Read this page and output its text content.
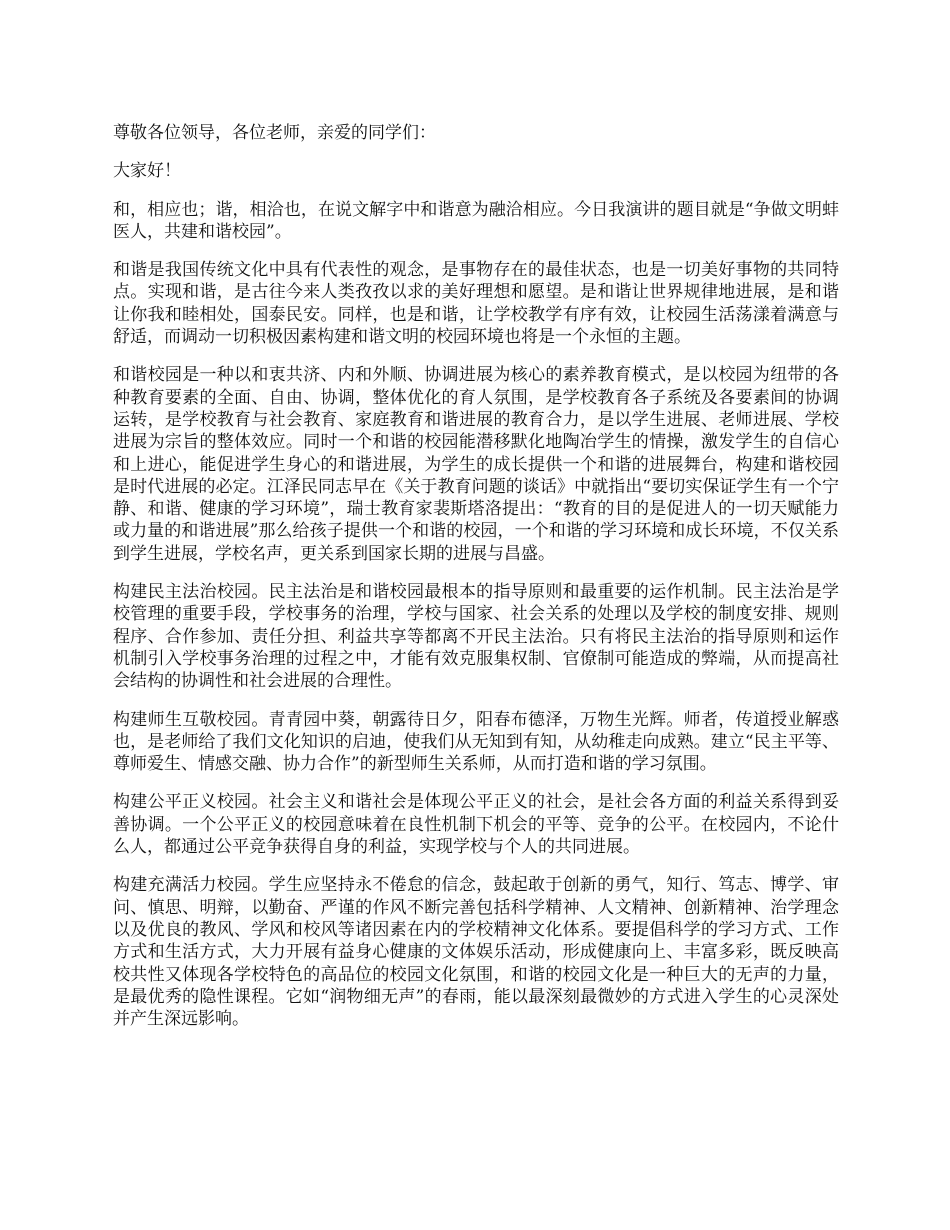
尊敬各位领导，各位老师，亲爱的同学们：

大家好！

和，相应也；谐，相洽也，在说文解字中和谐意为融洽相应。今日我演讲的题目就是“争做文明蚌医人，共建和谐校园”。

和谐是我国传统文化中具有代表性的观念，是事物存在的最佳状态，也是一切美好事物的共同特点。实现和谐，是古往今来人类孜孜以求的美好理想和愿望。是和谐让世界规律地进展，是和谐让你我和睦相处，国泰民安。同样，也是和谐，让学校教学有序有效，让校园生活荡漾着满意与舒适，而调动一切积极因素构建和谐文明的校园环境也将是一个永恒的主题。

和谐校园是一种以和衷共济、内和外顺、协调进展为核心的素养教育模式，是以校园为纽带的各种教育要素的全面、自由、协调，整体优化的育人氛围，是学校教育各子系统及各要素间的协调运转，是学校教育与社会教育、家庭教育和谐进展的教育合力，是以学生进展、老师进展、学校进展为宗旨的整体效应。同时一个和谐的校园能潜移默化地陶冶学生的情操，激发学生的自信心和上进心，能促进学生身心的和谐进展，为学生的成长提供一个和谐的进展舞台，构建和谐校园是时代进展的必定。江泽民同志早在《关于教育问题的谈话》中就指出“要切实保证学生有一个宁静、和谐、健康的学习环境”，瑞士教育家裴斯塔洛提出：“教育的目的是促进人的一切天赋能力或力量的和谐进展”那么给孩子提供一个和谐的校园，一个和谐的学习环境和成长环境，不仅关系到学生进展，学校名声，更关系到国家长期的进展与昌盛。

构建民主法治校园。民主法治是和谐校园最根本的指导原则和最重要的运作机制。民主法治是学校管理的重要手段，学校事务的治理，学校与国家、社会关系的处理以及学校的制度安排、规则程序、合作参加、责任分担、利益共享等都离不开民主法治。只有将民主法治的指导原则和运作机制引入学校事务治理的过程之中，才能有效克服集权制、官僚制可能造成的弊端，从而提高社会结构的协调性和社会进展的合理性。

构建师生互敬校园。青青园中葵，朝露待日夕，阳春布德泽，万物生光辉。师者，传道授业解惑也，是老师给了我们文化知识的启迪，使我们从无知到有知，从幼稚走向成熟。建立“民主平等、尊师爱生、情感交融、协力合作”的新型师生关系师，从而打造和谐的学习氛围。

构建公平正义校园。社会主义和谐社会是体现公平正义的社会，是社会各方面的利益关系得到妥善协调。一个公平正义的校园意味着在良性机制下机会的平等、竞争的公平。在校园内，不论什么人，都通过公平竞争获得自身的利益，实现学校与个人的共同进展。

构建充满活力校园。学生应坚持永不倦怠的信念，鼓起敢于创新的勇气，知行、笃志、博学、审问、慎思、明辩，以勤奋、严谨的作风不断完善包括科学精神、人文精神、创新精神、治学理念以及优良的教风、学风和校风等诸因素在内的学校精神文化体系。要提倡科学的学习方式、工作方式和生活方式，大力开展有益身心健康的文体娱乐活动，形成健康向上、丰富多彩，既反映高校共性又体现各学校特色的高品位的校园文化氛围，和谐的校园文化是一种巨大的无声的力量，是最优秀的隐性课程。它如“润物细无声”的春雨，能以最深刻最微妙的方式进入学生的心灵深处并产生深远影响。
